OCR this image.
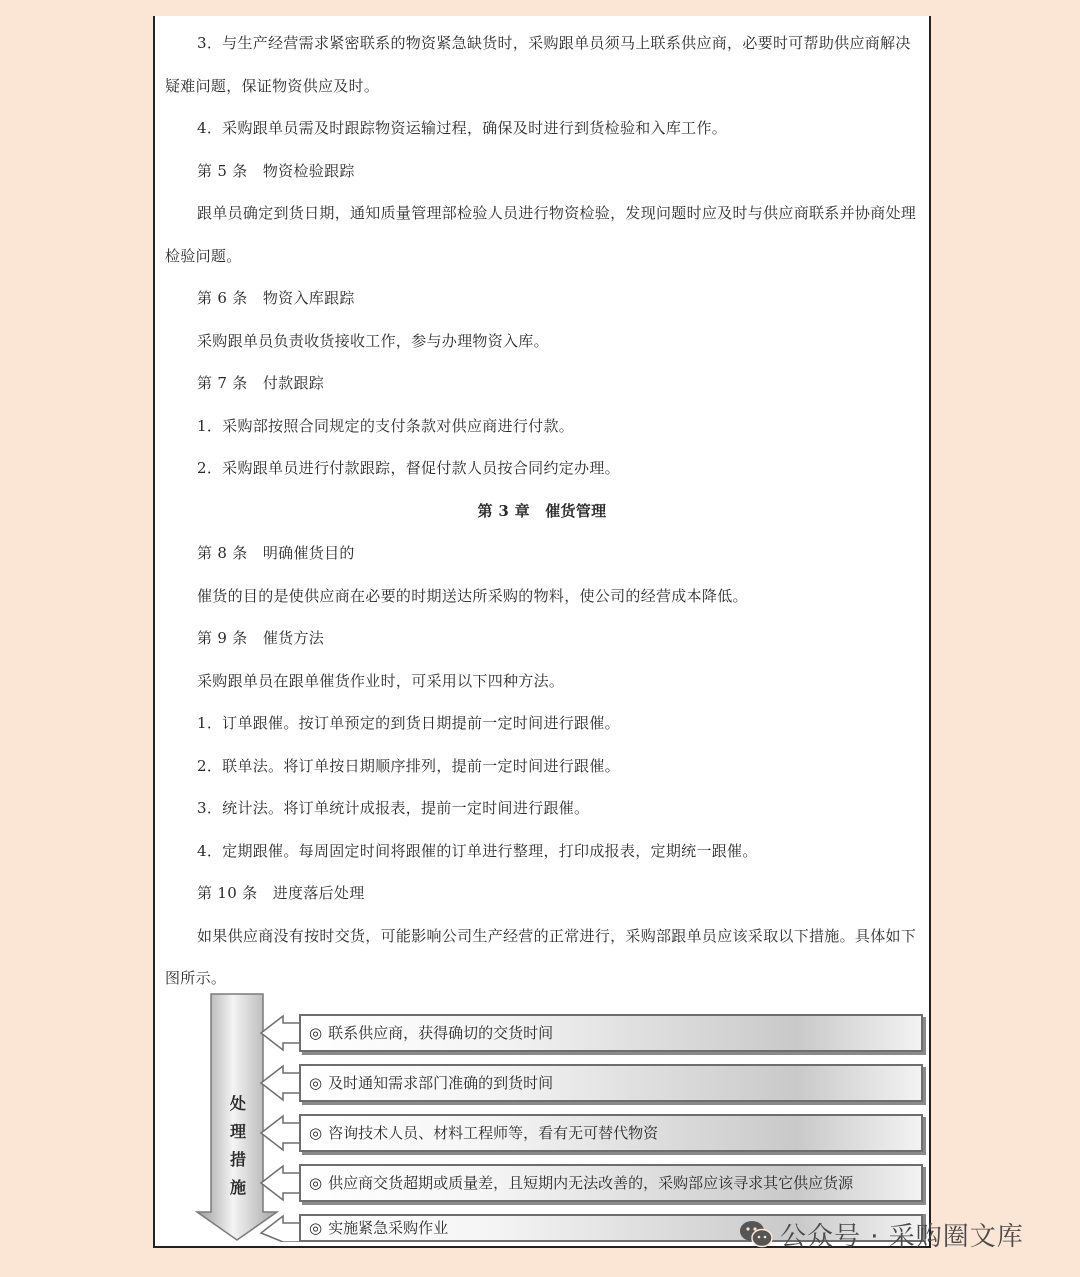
3．与生产经营需求紧密联系的物资紧急缺货时，采购跟单员须马上联系供应商，必要时可帮助供应商解决疑难问题，保证物资供应及时。

4．采购跟单员需及时跟踪物资运输过程，确保及时进行到货检验和入库工作。

第 5 条　物资检验跟踪

跟单员确定到货日期，通知质量管理部检验人员进行物资检验，发现问题时应及时与供应商联系并协商处理检验问题。

第 6 条　物资入库跟踪

采购跟单员负责收货接收工作，参与办理物资入库。

第 7 条　付款跟踪

1．采购部按照合同规定的支付条款对供应商进行付款。

2．采购跟单员进行付款跟踪，督促付款人员按合同约定办理。

第 3 章　催货管理

第 8 条　明确催货目的

催货的目的是使供应商在必要的时期送达所采购的物料，使公司的经营成本降低。

第 9 条　催货方法

采购跟单员在跟单催货作业时，可采用以下四种方法。

1．订单跟催。按订单预定的到货日期提前一定时间进行跟催。

2．联单法。将订单按日期顺序排列，提前一定时间进行跟催。

3．统计法。将订单统计成报表，提前一定时间进行跟催。

4．定期跟催。每周固定时间将跟催的订单进行整理，打印成报表，定期统一跟催。

第 10 条　进度落后处理

如果供应商没有按时交货，可能影响公司生产经营的正常进行，采购部跟单员应该采取以下措施。具体如下图所示。

处
理
措
施
◎ 联系供应商，获得确切的交货时间
◎ 及时通知需求部门准确的到货时间
◎ 咨询技术人员、材料工程师等，看有无可替代物资
◎ 供应商交货超期或质量差，且短期内无法改善的，采购部应该寻求其它供应货源
◎ 实施紧急采购作业	公众号 · 采购圈文库
